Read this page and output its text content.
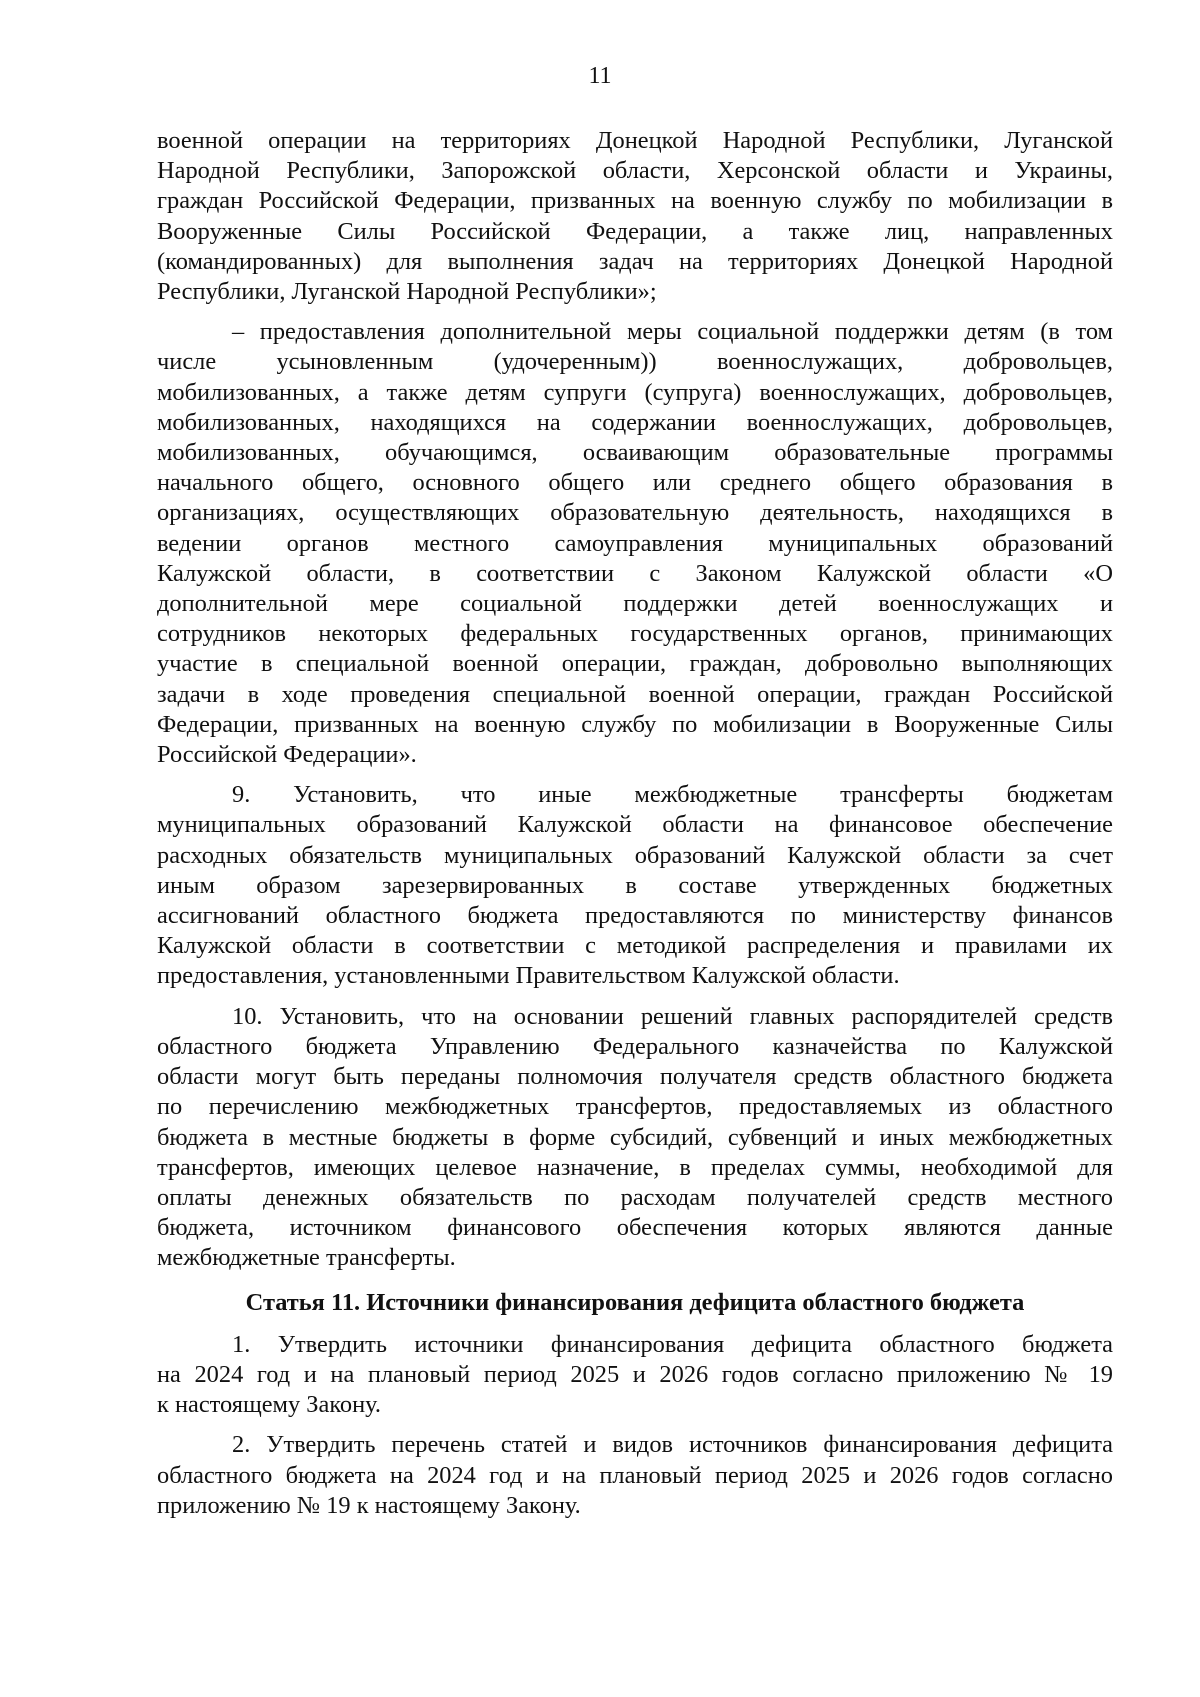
11
военной операции на территориях Донецкой Народной Республики, Луганской
Народной Республики, Запорожской области, Херсонской области и Украины,
граждан Российской Федерации, призванных на военную службу по мобилизации в
Вооруженные Силы Российской Федерации, а также лиц, направленных
(командированных) для выполнения задач на территориях Донецкой Народной
Республики, Луганской Народной Республики»;
– предоставления дополнительной меры социальной поддержки детям (в том
числе усыновленным (удочеренным)) военнослужащих, добровольцев,
мобилизованных, а также детям супруги (супруга) военнослужащих, добровольцев,
мобилизованных, находящихся на содержании военнослужащих, добровольцев,
мобилизованных, обучающимся, осваивающим образовательные программы
начального общего, основного общего или среднего общего образования в
организациях, осуществляющих образовательную деятельность, находящихся в
ведении органов местного самоуправления муниципальных образований
Калужской области, в соответствии с Законом Калужской области «О
дополнительной мере социальной поддержки детей военнослужащих и
сотрудников некоторых федеральных государственных органов, принимающих
участие в специальной военной операции, граждан, добровольно выполняющих
задачи в ходе проведения специальной военной операции, граждан Российской
Федерации, призванных на военную службу по мобилизации в Вооруженные Силы
Российской Федерации».
9. Установить, что иные межбюджетные трансферты бюджетам
муниципальных образований Калужской области на финансовое обеспечение
расходных обязательств муниципальных образований Калужской области за счет
иным образом зарезервированных в составе утвержденных бюджетных
ассигнований областного бюджета предоставляются по министерству финансов
Калужской области в соответствии с методикой распределения и правилами их
предоставления, установленными Правительством Калужской области.
10. Установить, что на основании решений главных распорядителей средств
областного бюджета Управлению Федерального казначейства по Калужской
области могут быть переданы полномочия получателя средств областного бюджета
по перечислению межбюджетных трансфертов, предоставляемых из областного
бюджета в местные бюджеты в форме субсидий, субвенций и иных межбюджетных
трансфертов, имеющих целевое назначение, в пределах суммы, необходимой для
оплаты денежных обязательств по расходам получателей средств местного
бюджета, источником финансового обеспечения которых являются данные
межбюджетные трансферты.
Статья 11. Источники финансирования дефицита областного бюджета
1. Утвердить источники финансирования дефицита областного бюджета
на 2024 год и на плановый период 2025 и 2026 годов согласно приложению № 19
к настоящему Закону.
2. Утвердить перечень статей и видов источников финансирования дефицита
областного бюджета на 2024 год и на плановый период 2025 и 2026 годов согласно
приложению № 19 к настоящему Закону.
